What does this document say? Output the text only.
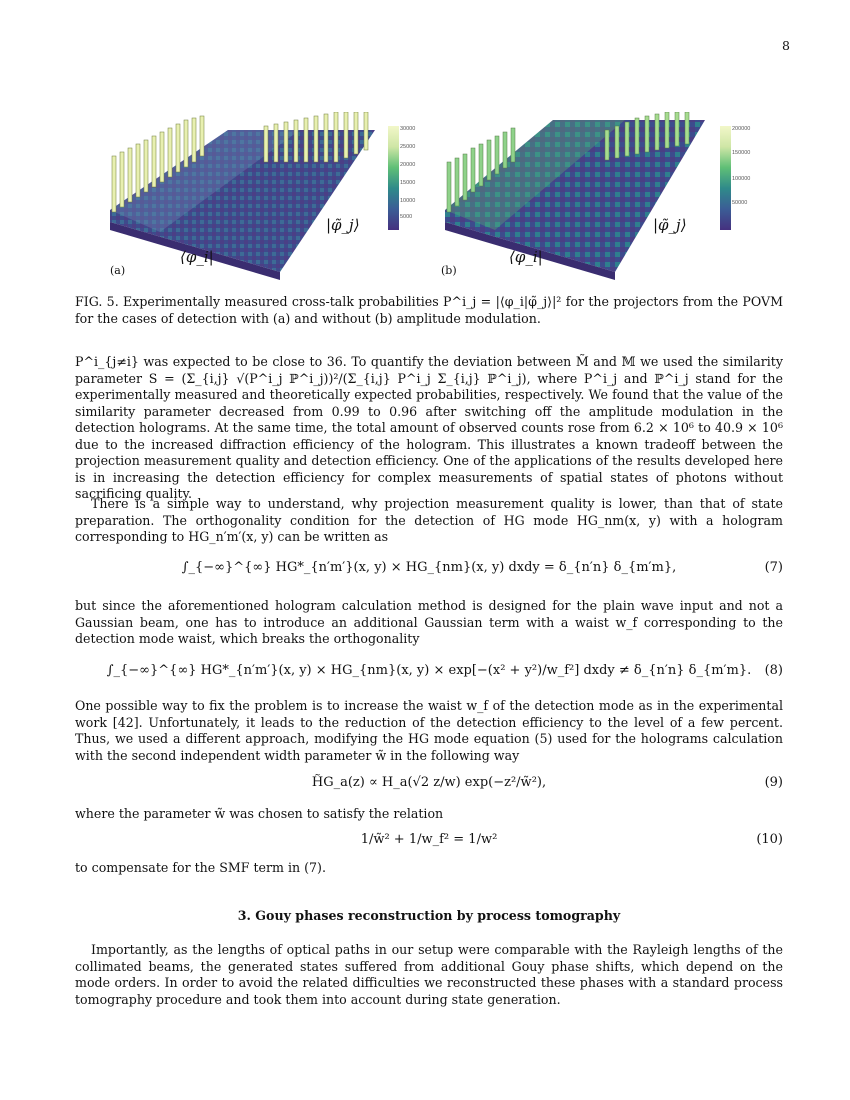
8
30000
25000
20000
15000
10000
5000
⟨φ_i|
|φ̃_j⟩
(a)
200000
150000
100000
50000
⟨φ_i|
|φ̃_j⟩
(b)
FIG. 5. Experimentally measured cross-talk probabilities P^i_j = |⟨φ_i|φ̃_j⟩|² for the projectors from the POVM for the cases of detection with (a) and without (b) amplitude modulation.
P^i_{j≠i} was expected to be close to 36. To quantify the deviation between M̃ and 𝕄 we used the similarity parameter S = (Σ_{i,j} √(P^i_j ℙ^i_j))²/(Σ_{i,j} P^i_j Σ_{i,j} ℙ^i_j), where P^i_j and ℙ^i_j stand for the experimentally measured and theoretically expected probabilities, respectively. We found that the value of the similarity parameter decreased from 0.99 to 0.96 after switching off the amplitude modulation in the detection holograms. At the same time, the total amount of observed counts rose from 6.2 × 10⁶ to 40.9 × 10⁶ due to the increased diffraction efficiency of the hologram. This illustrates a known tradeoff between the projection measurement quality and detection efficiency. One of the applications of the results developed here is in increasing the detection efficiency for complex measurements of spatial states of photons without sacrificing quality.

There is a simple way to understand, why projection measurement quality is lower, than that of state preparation. The orthogonality condition for the detection of HG mode HG_nm(x, y) with a hologram corresponding to HG_n′m′(x, y) can be written as

∫_{−∞}^{∞} HG*_{n′m′}(x, y) × HG_{nm}(x, y) dxdy = δ_{n′n} δ_{m′m},	(7)
but since the aforementioned hologram calculation method is designed for the plain wave input and not a Gaussian beam, one has to introduce an additional Gaussian term with a waist w_f corresponding to the detection mode waist, which breaks the orthogonality
∫_{−∞}^{∞} HG*_{n′m′}(x, y) × HG_{nm}(x, y) × exp[−(x² + y²)/w_f²] dxdy ≠ δ_{n′n} δ_{m′m}.	(8)
One possible way to fix the problem is to increase the waist w_f of the detection mode as in the experimental work [42]. Unfortunately, it leads to the reduction of the detection efficiency to the level of a few percent. Thus, we used a different approach, modifying the HG mode equation (5) used for the holograms calculation with the second independent width parameter w̃ in the following way
H̃G_a(z) ∝ H_a(√2 z/w) exp(−z²/w̃²),	(9)
where the parameter w̃ was chosen to satisfy the relation
1/w̃² + 1/w_f² = 1/w²	(10)
to compensate for the SMF term in (7).
3. Gouy phases reconstruction by process tomography

Importantly, as the lengths of optical paths in our setup were comparable with the Rayleigh lengths of the collimated beams, the generated states suffered from additional Gouy phase shifts, which depend on the mode orders. In order to avoid the related difficulties we reconstructed these phases with a standard process tomography procedure and took them into account during state generation.
